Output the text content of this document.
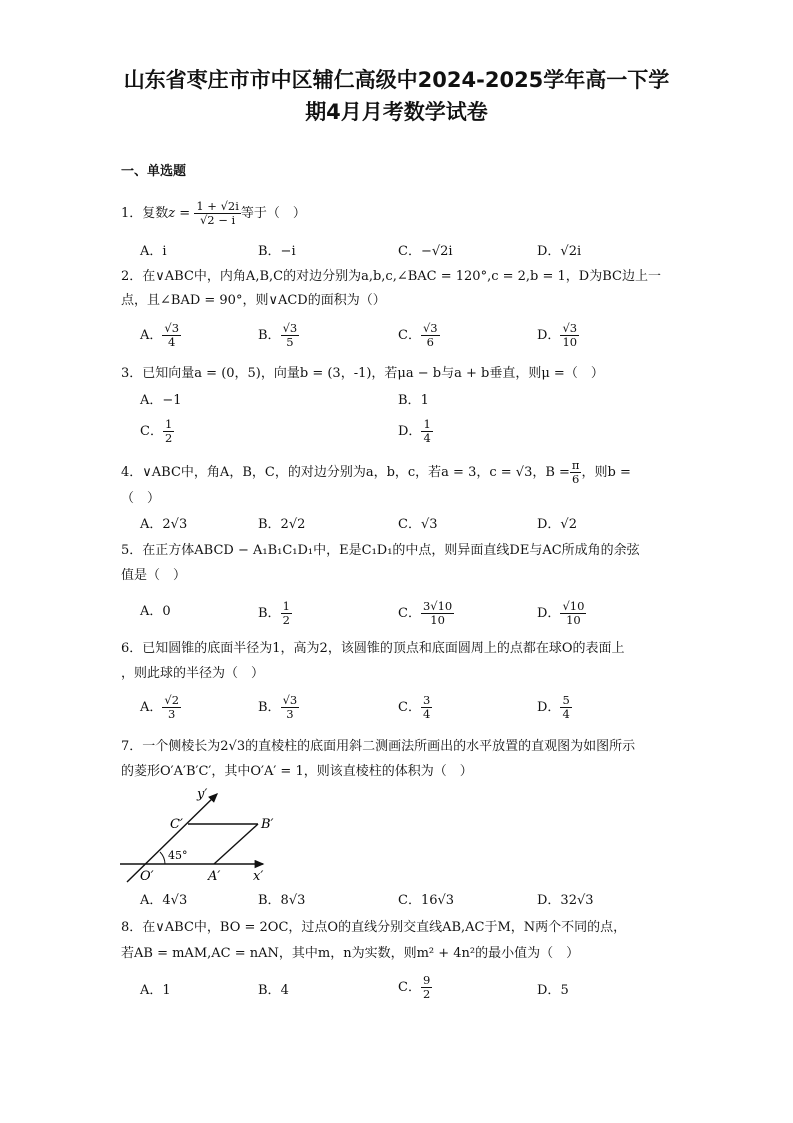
山东省枣庄市市中区辅仁高级中2024-2025学年高一下学
期4月月考数学试卷
一、单选题
1．复数$z = \frac{1 + √2i}{√2 - i}$ 等于（　）
A．i	B．−i	C．−√2i	D．√2i
2．在∨ABC中，内角A,B,C的对边分别为a,b,c,∠BAC = 120°,c = 2,b = 1，D为BC边上一
点，且∠BAD = 90°，则∨ACD的面积为（）
A． $\frac{√3}{4}$	B． $\frac{√3}{5}$	C． $\frac{√3}{6}$	D． $\frac{√3}{10}$
3．已知向量a = (0，5)，向量b = (3，-1)，若μa − b与a + b垂直，则μ =（　）
A．−1	B．1
C． $\frac{1}{2}$	D． $\frac{1}{4}$
4．∨ABC中，角A，B，C，的对边分别为a，b，c，若a = 3，c = √3，$B = \frac{\pi}{6}$ ，则b =
（　）
A．2√3	B．2√2	C．√3	D．√2
5．在正方体ABCD − A₁B₁C₁D₁中，E是C₁D₁的中点，则异面直线DE与AC所成角的余弦
值是（　）
A．0	B． $\frac{1}{2}$	C． $\frac{3√10}{10}$	D． $\frac{√10}{10}$
6．已知圆锥的底面半径为1，高为2，该圆锥的顶点和底面圆周上的点都在球O的表面上
，则此球的半径为（　）
A． $\frac{√2}{3}$	B． $\frac{√3}{3}$	C． $\frac{3}{4}$	D． $\frac{5}{4}$
7．一个侧棱长为2√3的直棱柱的底面用斜二测画法所画出的水平放置的直观图为如图所示
的菱形O′A′B′C′，其中O′A′ = 1，则该直棱柱的体积为（　）
y′
C′	B′
45°
O′	A′	x′
A．4√3	B．8√3	C．16√3	D．32√3
8．在∨ABC中，BO = 2OC，过点O的直线分别交直线AB,AC于M，N两个不同的点，
若AB = mAM,AC = nAN，其中m，n为实数，则m² + 4n²的最小值为（　）
A．1	B．4	C． $\frac{9}{2}$	D．5
